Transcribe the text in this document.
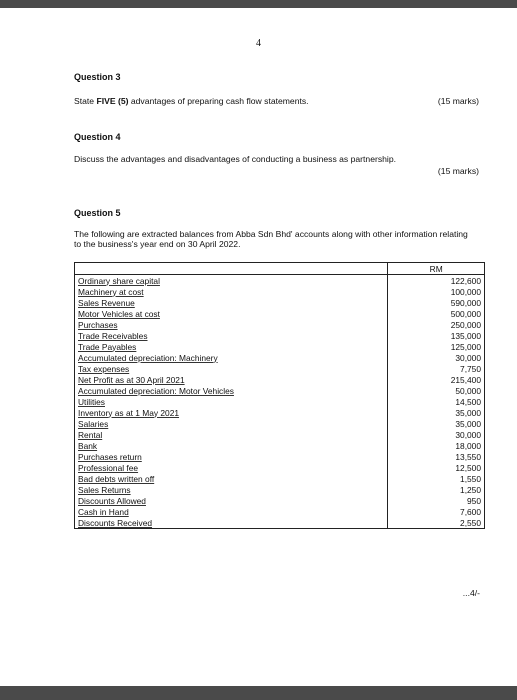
4
Question 3
State FIVE (5) advantages of preparing cash flow statements.	(15 marks)
Question 4
Discuss the advantages and disadvantages of conducting a business as partnership.
(15 marks)
Question 5
The following are extracted balances from Abba Sdn Bhd' accounts along with other information relating to the business's year end on 30 April 2022.
	RM
Ordinary share capital	122,600
Machinery at cost	100,000
Sales Revenue	590,000
Motor Vehicles at cost	500,000
Purchases	250,000
Trade Receivables	135,000
Trade Payables	125,000
Accumulated depreciation: Machinery	30,000
Tax expenses	7,750
Net Profit as at 30 April 2021	215,400
Accumulated depreciation: Motor Vehicles	50,000
Utilities	14,500
Inventory as at 1 May 2021	35,000
Salaries	35,000
Rental	30,000
Bank	18,000
Purchases return	13,550
Professional fee	12,500
Bad debts written off	1,550
Sales Returns	1,250
Discounts Allowed	950
Cash in Hand	7,600
Discounts Received	2,550
...4/-
